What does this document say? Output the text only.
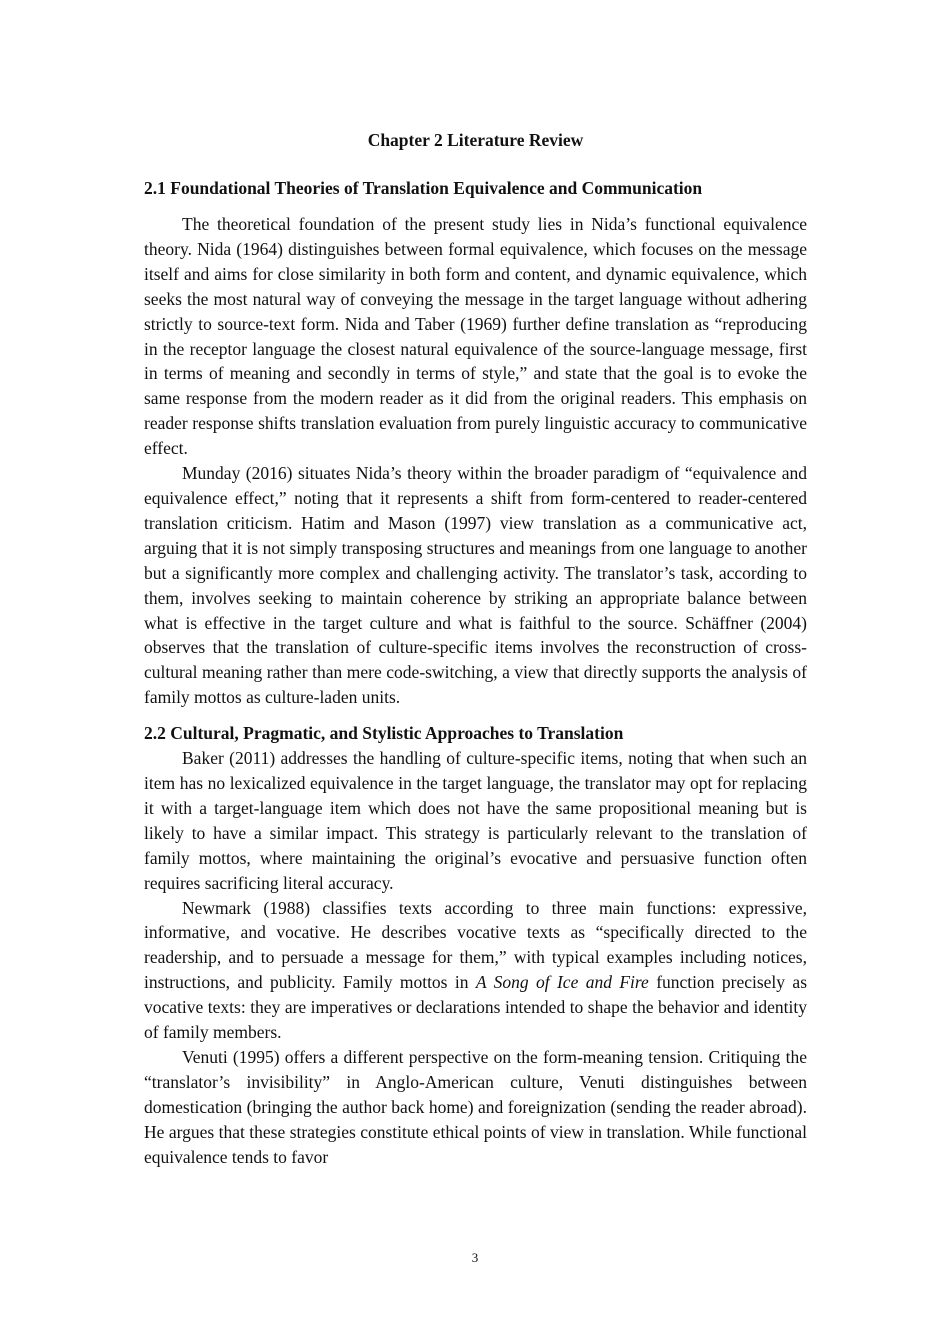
Chapter 2 Literature Review
2.1 Foundational Theories of Translation Equivalence and Communication

The theoretical foundation of the present study lies in Nida’s functional equivalence theory. Nida (1964) distinguishes between formal equivalence, which focuses on the message itself and aims for close similarity in both form and content, and dynamic equivalence, which seeks the most natural way of conveying the message in the target language without adhering strictly to source-text form. Nida and Taber (1969) further define translation as “reproducing in the receptor language the closest natural equivalence of the source-language message, first in terms of meaning and secondly in terms of style,” and state that the goal is to evoke the same response from the modern reader as it did from the original readers. This emphasis on reader response shifts translation evaluation from purely linguistic accuracy to communicative effect.

Munday (2016) situates Nida’s theory within the broader paradigm of “equivalence and equivalence effect,” noting that it represents a shift from form-centered to reader-centered translation criticism. Hatim and Mason (1997) view translation as a communicative act, arguing that it is not simply transposing structures and meanings from one language to another but a significantly more complex and challenging activity. The translator’s task, according to them, involves seeking to maintain coherence by striking an appropriate balance between what is effective in the target culture and what is faithful to the source. Schäffner (2004) observes that the translation of culture-specific items involves the reconstruction of cross-cultural meaning rather than mere code-switching, a view that directly supports the analysis of family mottos as culture-laden units.

2.2 Cultural, Pragmatic, and Stylistic Approaches to Translation

Baker (2011) addresses the handling of culture-specific items, noting that when such an item has no lexicalized equivalence in the target language, the translator may opt for replacing it with a target-language item which does not have the same propositional meaning but is likely to have a similar impact. This strategy is particularly relevant to the translation of family mottos, where maintaining the original’s evocative and persuasive function often requires sacrificing literal accuracy.

Newmark (1988) classifies texts according to three main functions: expressive, informative, and vocative. He describes vocative texts as “specifically directed to the readership, and to persuade a message for them,” with typical examples including notices, instructions, and publicity. Family mottos in A Song of Ice and Fire function precisely as vocative texts: they are imperatives or declarations intended to shape the behavior and identity of family members.

Venuti (1995) offers a different perspective on the form-meaning tension. Critiquing the “translator’s invisibility” in Anglo-American culture, Venuti distinguishes between domestication (bringing the author back home) and foreignization (sending the reader abroad). He argues that these strategies constitute ethical points of view in translation. While functional equivalence tends to favor

3
